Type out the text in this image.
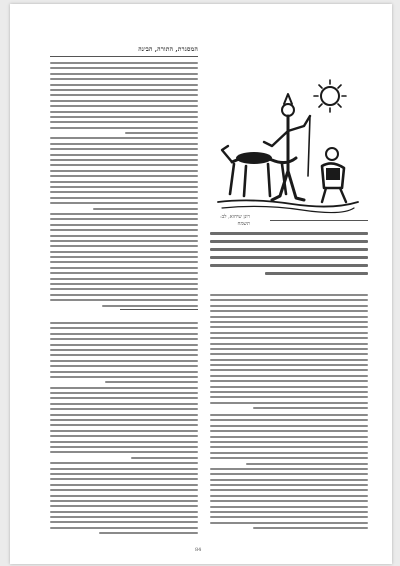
המסגרת, התורה, הבינה
רונן שיחוא, לב: תשמח
84
